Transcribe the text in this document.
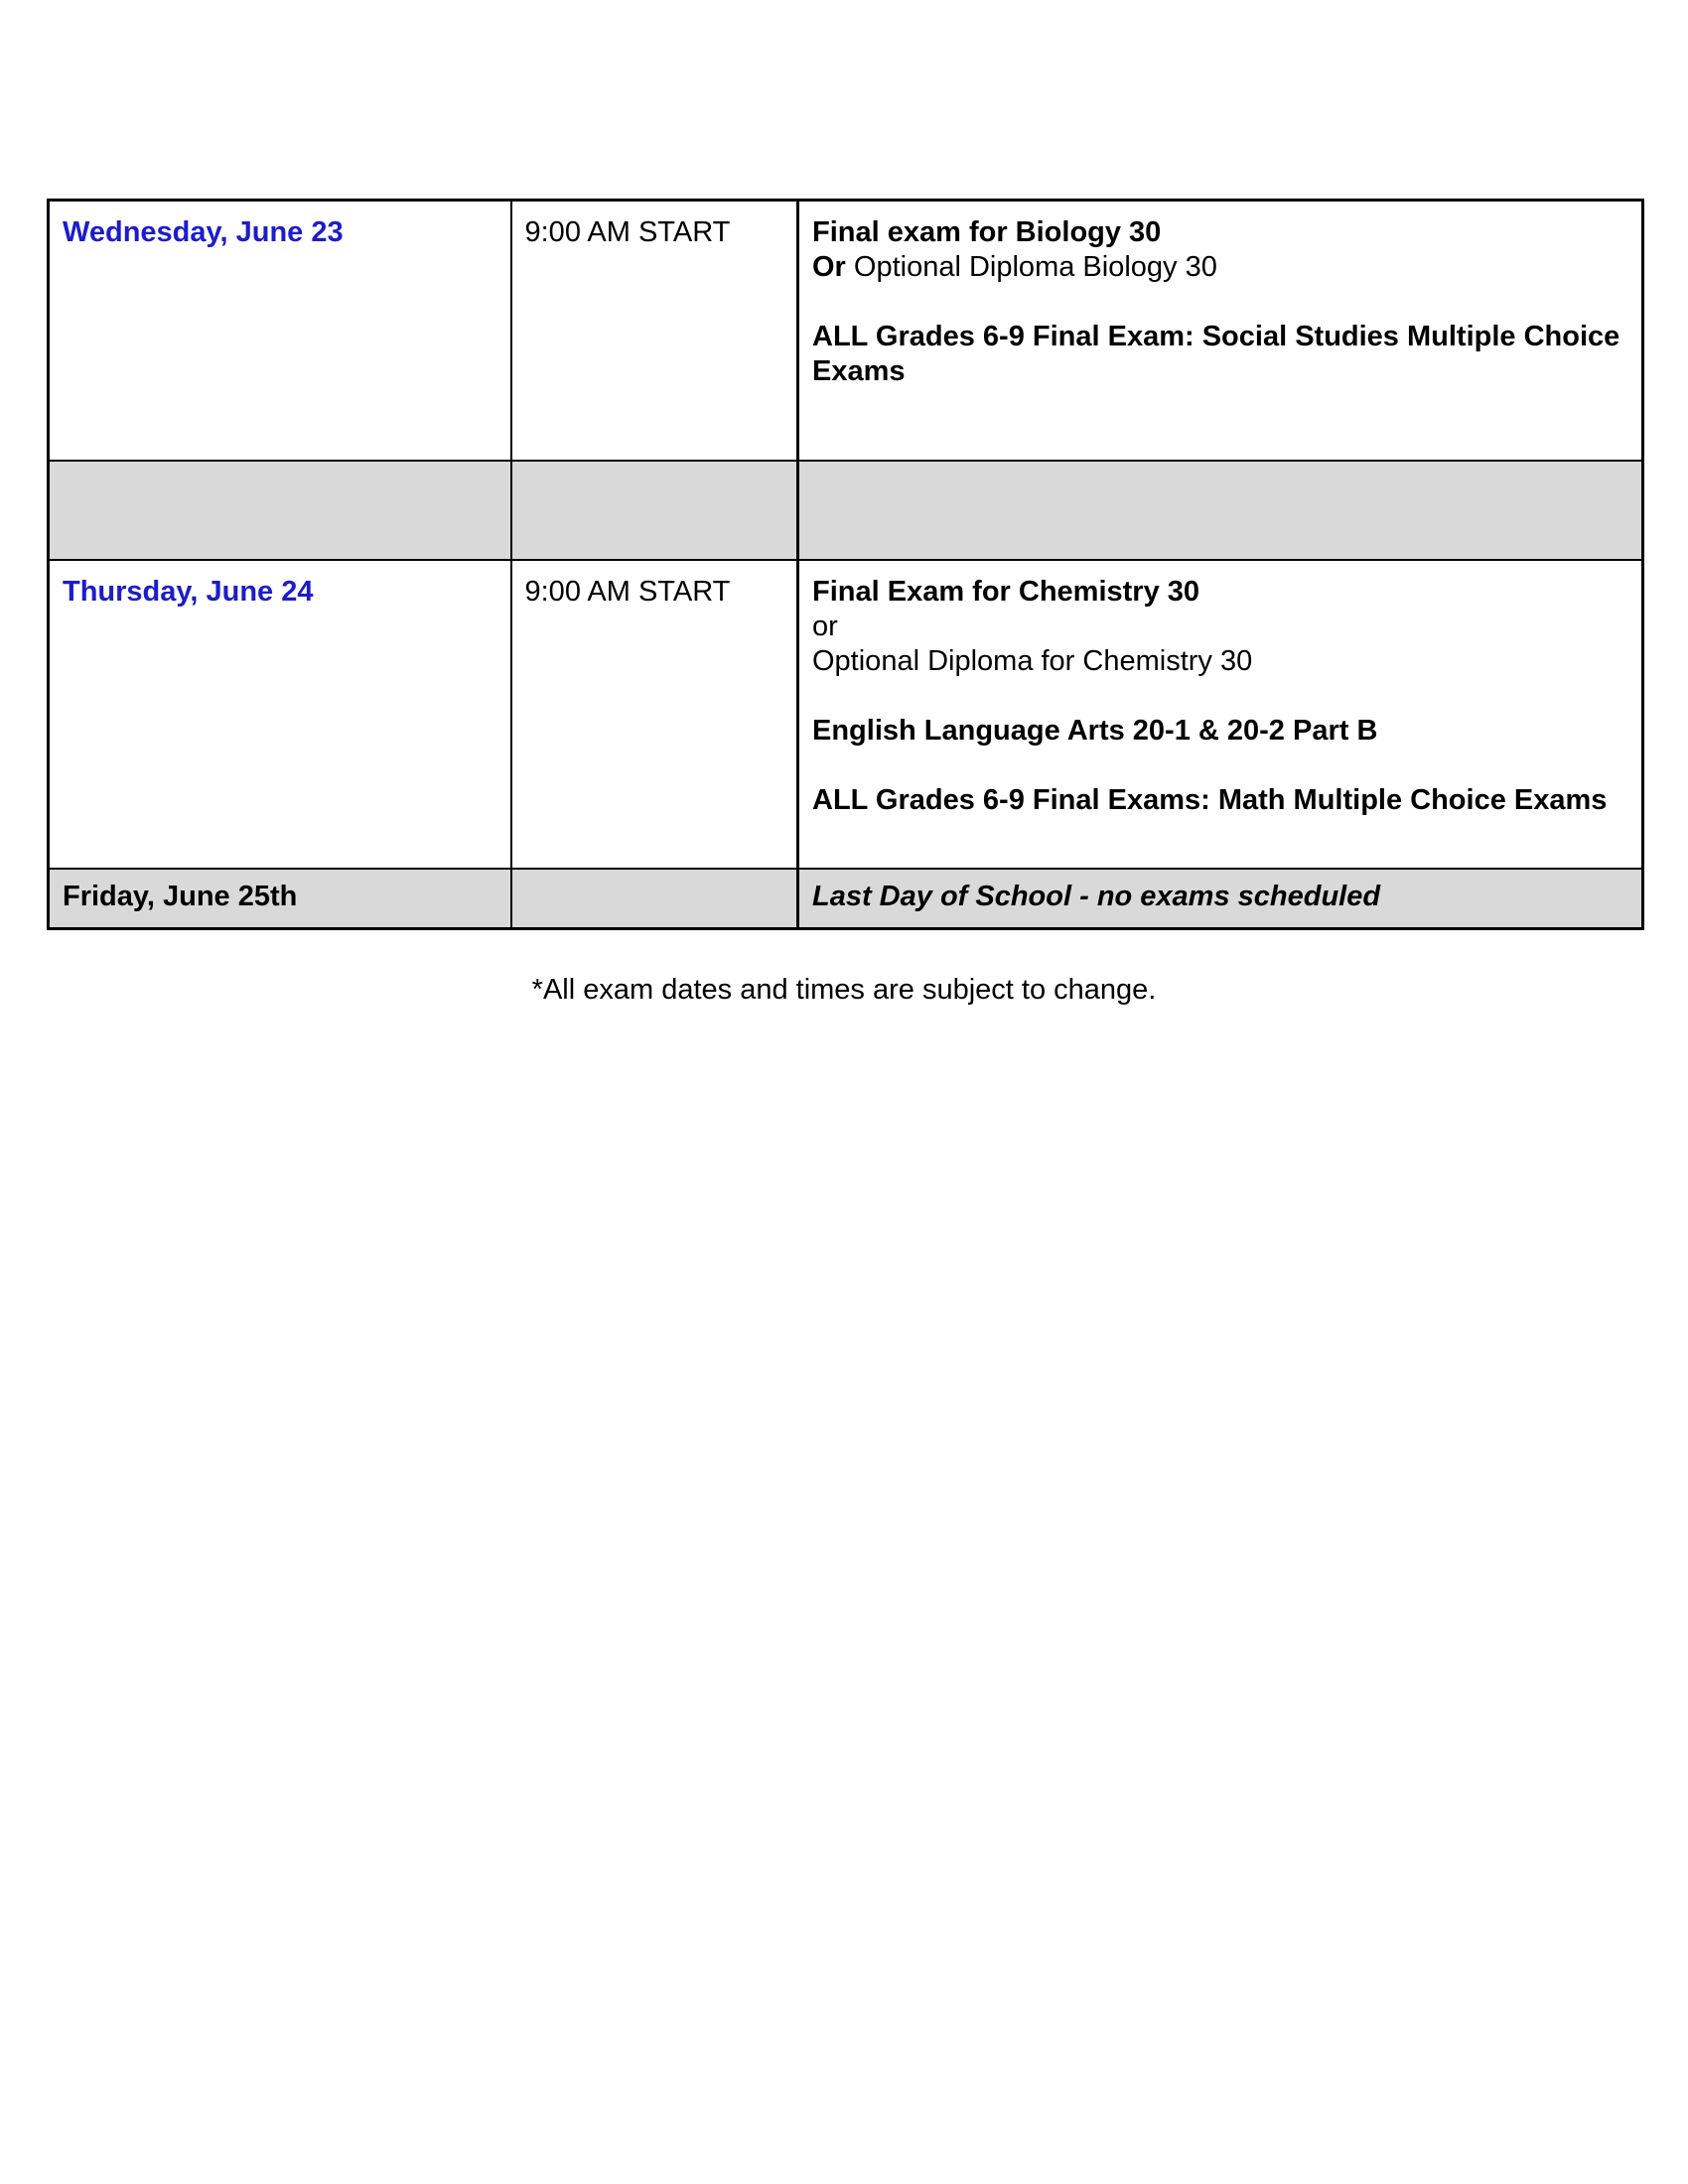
Wednesday, June 23	9:00 AM START	Final exam for Biology 30
Or Optional Diploma Biology 30
ALL Grades 6-9 Final Exam: Social Studies Multiple Choice Exams

Thursday, June 24	9:00 AM START	Final Exam for Chemistry 30
or
Optional Diploma for Chemistry 30
English Language Arts 20-1 & 20-2 Part B
ALL Grades 6-9 Final Exams: Math Multiple Choice Exams

Friday, June 25th		Last Day of School - no exams scheduled
*All exam dates and times are subject to change.
